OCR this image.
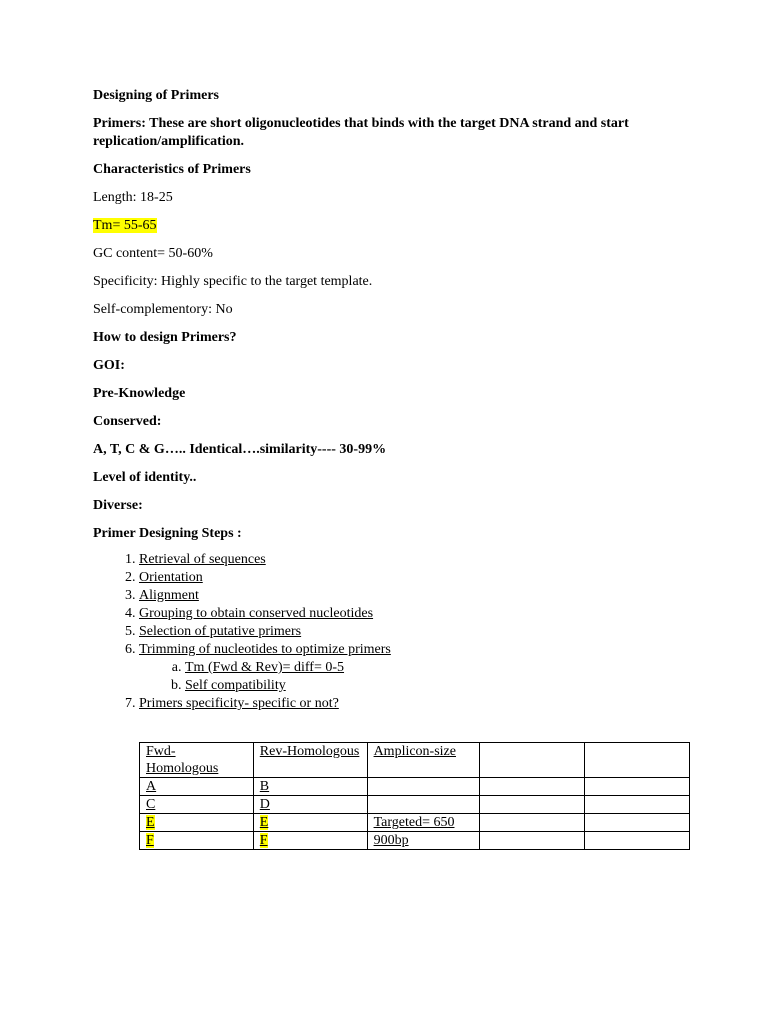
Designing of Primers

Primers: These are short oligonucleotides that binds with the target DNA strand and start replication/amplification.

Characteristics of Primers

Length: 18-25

Tm= 55-65

GC content= 50-60%

Specificity: Highly specific to the target template.

Self-complementory: No

How to design Primers?

GOI:

Pre-Knowledge

Conserved:

A, T, C & G….. Identical….similarity---- 30-99%

Level of identity..

Diverse:

Primer Designing Steps :

1. Retrieval of sequences
2. Orientation
3. Alignment
4. Grouping to obtain conserved nucleotides
5. Selection of putative primers
6. Trimming of nucleotides to optimize primers
a. Tm (Fwd & Rev)= diff= 0-5
b. Self compatibility
7. Primers specificity- specific or not?
Fwd-Homologous	Rev-Homologous	Amplicon-size		
A	B			
C	D			
E	E	Targeted= 650		
F	F	900bp		
